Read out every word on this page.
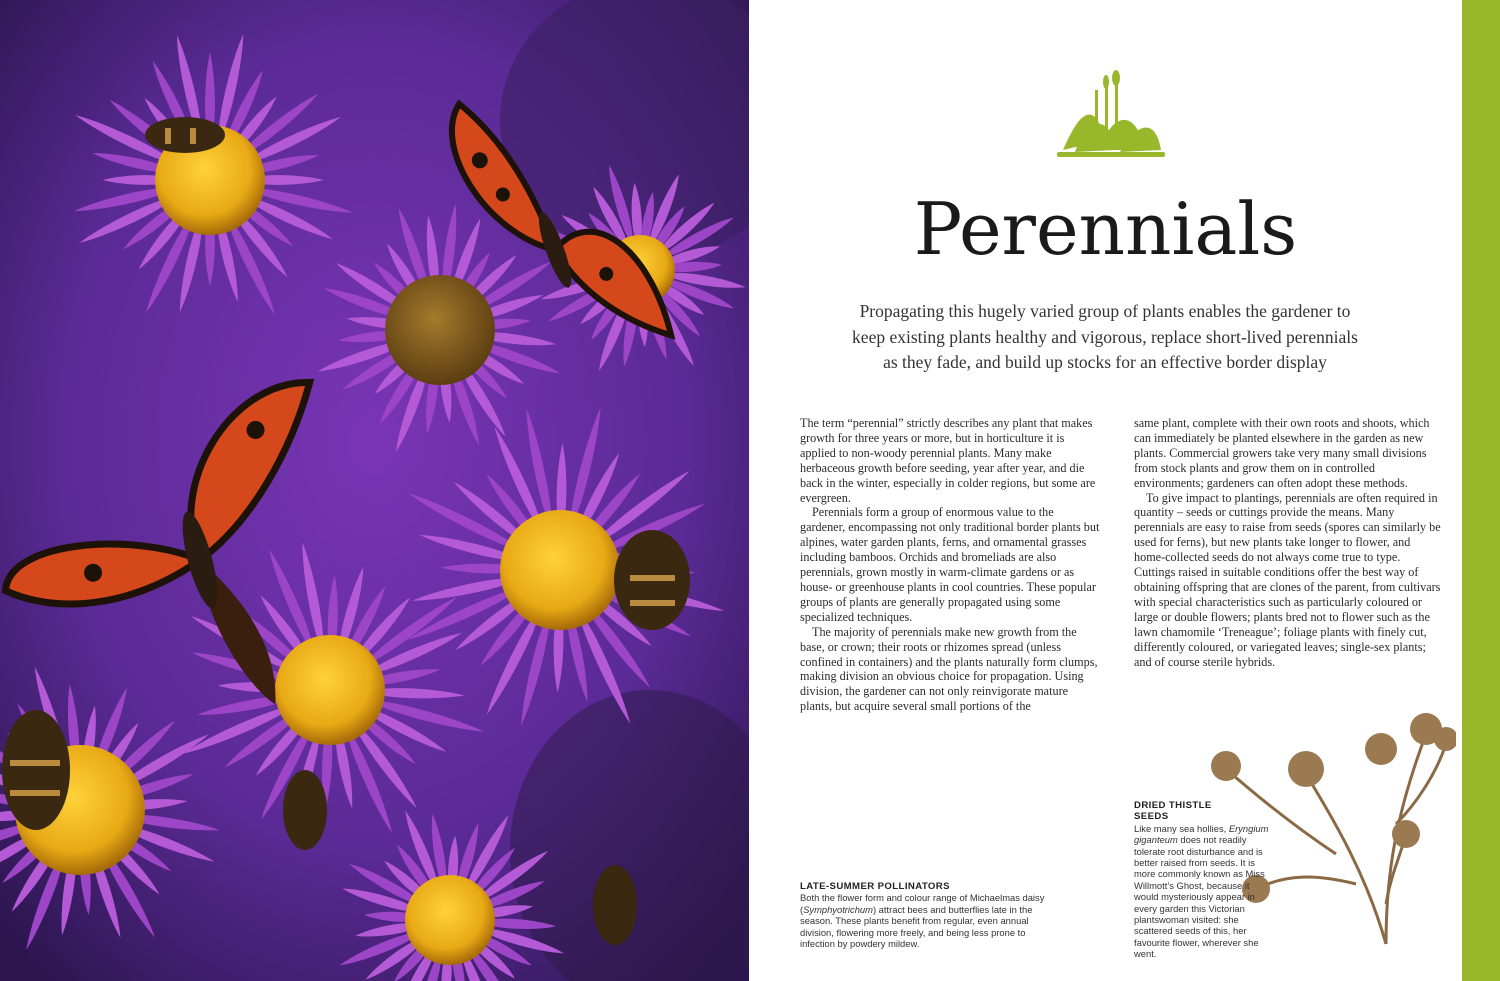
Perennials
Propagating this hugely varied group of plants enables the gardener to keep existing plants healthy and vigorous, replace short-lived perennials as they fade, and build up stocks for an effective border display

The term “perennial” strictly describes any plant that makes growth for three years or more, but in horticulture it is applied to non-woody perennial plants. Many make herbaceous growth before seeding, year after year, and die back in the winter, especially in colder regions, but some are evergreen.

Perennials form a group of enormous value to the gardener, encompassing not only traditional border plants but alpines, water garden plants, ferns, and ornamental grasses including bamboos. Orchids and bromeliads are also perennials, grown mostly in warm-climate gardens or as house- or greenhouse plants in cool countries. These popular groups of plants are generally propagated using some specialized techniques.

The majority of perennials make new growth from the base, or crown; their roots or rhizomes spread (unless confined in containers) and the plants naturally form clumps, making division an obvious choice for propagation. Using division, the gardener can not only reinvigorate mature plants, but acquire several small portions of the

same plant, complete with their own roots and shoots, which can immediately be planted elsewhere in the garden as new plants. Commercial growers take very many small divisions from stock plants and grow them on in controlled environments; gardeners can often adopt these methods.

To give impact to plantings, perennials are often required in quantity – seeds or cuttings provide the means. Many perennials are easy to raise from seeds (spores can similarly be used for ferns), but new plants take longer to flower, and home-collected seeds do not always come true to type. Cuttings raised in suitable conditions offer the best way of obtaining offspring that are clones of the parent, from cultivars with special characteristics such as particularly coloured or large or double flowers; plants bred not to flower such as the lawn chamomile ‘Treneague’; foliage plants with finely cut, differently coloured, or variegated leaves; single-sex plants; and of course sterile hybrids.

LATE-SUMMER POLLINATORS
Both the flower form and colour range of Michaelmas daisy (Symphyotrichum) attract bees and butterflies late in the season. These plants benefit from regular, even annual division, flowering more freely, and being less prone to infection by powdery mildew.
DRIED THISTLE SEEDS
Like many sea hollies, Eryngium giganteum does not readily tolerate root disturbance and is better raised from seeds. It is more commonly known as Miss Willmott’s Ghost, because it would mysteriously appear in every garden this Victorian plantswoman visited: she scattered seeds of this, her favourite flower, wherever she went.
